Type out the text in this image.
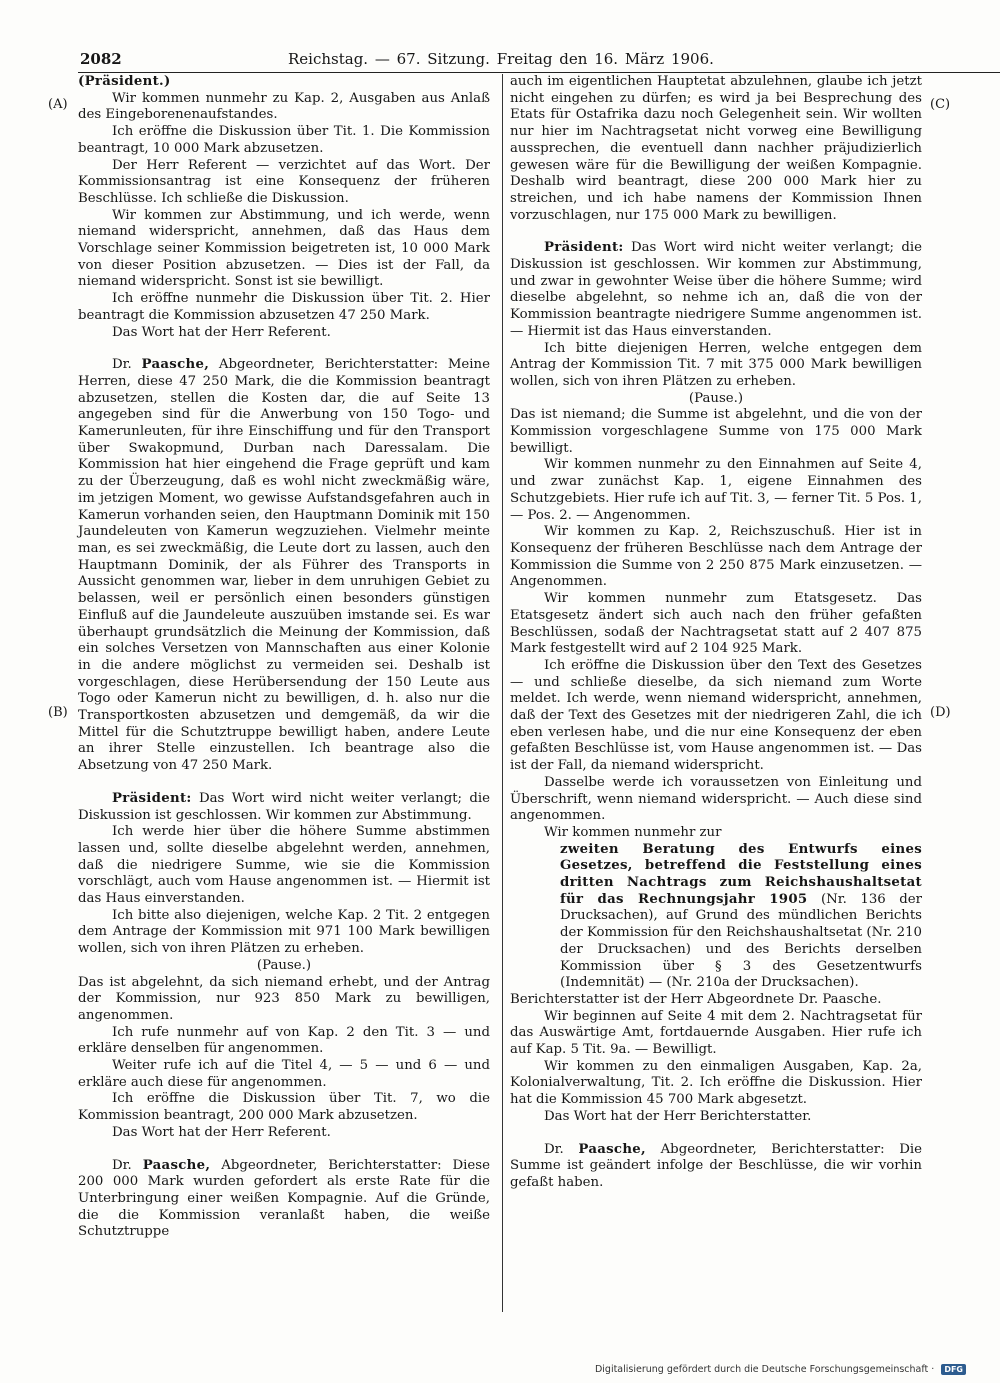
2082	Reichstag. — 67. Sitzung. Freitag den 16. März 1906.
(A)
(B)
(C)
(D)

(Präsident.)

Wir kommen nunmehr zu Kap. 2, Ausgaben aus Anlaß des Eingeborenenaufstandes.

Ich eröffne die Diskussion über Tit. 1. Die Kommission beantragt, 10 000 Mark abzusetzen.

Der Herr Referent — verzichtet auf das Wort. Der Kommissionsantrag ist eine Konsequenz der früheren Beschlüsse. Ich schließe die Diskussion.

Wir kommen zur Abstimmung, und ich werde, wenn niemand widerspricht, annehmen, daß das Haus dem Vorschlage seiner Kommission beigetreten ist, 10 000 Mark von dieser Position abzusetzen. — Dies ist der Fall, da niemand widerspricht. Sonst ist sie bewilligt.

Ich eröffne nunmehr die Diskussion über Tit. 2. Hier beantragt die Kommission abzusetzen 47 250 Mark.

Das Wort hat der Herr Referent.

Dr. Paasche, Abgeordneter, Berichterstatter: Meine Herren, diese 47 250 Mark, die die Kommission beantragt abzusetzen, stellen die Kosten dar, die auf Seite 13 angegeben sind für die Anwerbung von 150 Togo- und Kamerunleuten, für ihre Einschiffung und für den Transport über Swakopmund, Durban nach Daressalam. Die Kommission hat hier eingehend die Frage geprüft und kam zu der Überzeugung, daß es wohl nicht zweckmäßig wäre, im jetzigen Moment, wo gewisse Aufstandsgefahren auch in Kamerun vorhanden seien, den Hauptmann Dominik mit 150 Jaundeleuten von Kamerun wegzuziehen. Vielmehr meinte man, es sei zweckmäßig, die Leute dort zu lassen, auch den Hauptmann Dominik, der als Führer des Transports in Aussicht genommen war, lieber in dem unruhigen Gebiet zu belassen, weil er persönlich einen besonders günstigen Einfluß auf die Jaundeleute auszuüben imstande sei. Es war überhaupt grundsätzlich die Meinung der Kommission, daß ein solches Versetzen von Mannschaften aus einer Kolonie in die andere möglichst zu vermeiden sei. Deshalb ist vorgeschlagen, diese Herübersendung der 150 Leute aus Togo oder Kamerun nicht zu bewilligen, d. h. also nur die Transportkosten abzusetzen und demgemäß, da wir die Mittel für die Schutztruppe bewilligt haben, andere Leute an ihrer Stelle einzustellen. Ich beantrage also die Absetzung von 47 250 Mark.

Präsident: Das Wort wird nicht weiter verlangt; die Diskussion ist geschlossen. Wir kommen zur Abstimmung.

Ich werde hier über die höhere Summe abstimmen lassen und, sollte dieselbe abgelehnt werden, annehmen, daß die niedrigere Summe, wie sie die Kommission vorschlägt, auch vom Hause angenommen ist. — Hiermit ist das Haus einverstanden.

Ich bitte also diejenigen, welche Kap. 2 Tit. 2 entgegen dem Antrage der Kommission mit 971 100 Mark bewilligen wollen, sich von ihren Plätzen zu erheben.

(Pause.)

Das ist abgelehnt, da sich niemand erhebt, und der Antrag der Kommission, nur 923 850 Mark zu bewilligen, angenommen.

Ich rufe nunmehr auf von Kap. 2 den Tit. 3 — und erkläre denselben für angenommen.

Weiter rufe ich auf die Titel 4, — 5 — und 6 — und erkläre auch diese für angenommen.

Ich eröffne die Diskussion über Tit. 7, wo die Kommission beantragt, 200 000 Mark abzusetzen.

Das Wort hat der Herr Referent.

Dr. Paasche, Abgeordneter, Berichterstatter: Diese 200 000 Mark wurden gefordert als erste Rate für die Unterbringung einer weißen Kompagnie. Auf die Gründe, die die Kommission veranlaßt haben, die weiße Schutztruppe

auch im eigentlichen Hauptetat abzulehnen, glaube ich jetzt nicht eingehen zu dürfen; es wird ja bei Besprechung des Etats für Ostafrika dazu noch Gelegenheit sein. Wir wollten nur hier im Nachtragsetat nicht vorweg eine Bewilligung aussprechen, die eventuell dann nachher präjudizierlich gewesen wäre für die Bewilligung der weißen Kompagnie. Deshalb wird beantragt, diese 200 000 Mark hier zu streichen, und ich habe namens der Kommission Ihnen vorzuschlagen, nur 175 000 Mark zu bewilligen.

Präsident: Das Wort wird nicht weiter verlangt; die Diskussion ist geschlossen. Wir kommen zur Abstimmung, und zwar in gewohnter Weise über die höhere Summe; wird dieselbe abgelehnt, so nehme ich an, daß die von der Kommission beantragte niedrigere Summe angenommen ist. — Hiermit ist das Haus einverstanden.

Ich bitte diejenigen Herren, welche entgegen dem Antrag der Kommission Tit. 7 mit 375 000 Mark bewilligen wollen, sich von ihren Plätzen zu erheben.

(Pause.)

Das ist niemand; die Summe ist abgelehnt, und die von der Kommission vorgeschlagene Summe von 175 000 Mark bewilligt.

Wir kommen nunmehr zu den Einnahmen auf Seite 4, und zwar zunächst Kap. 1, eigene Einnahmen des Schutzgebiets. Hier rufe ich auf Tit. 3, — ferner Tit. 5 Pos. 1, — Pos. 2. — Angenommen.

Wir kommen zu Kap. 2, Reichszuschuß. Hier ist in Konsequenz der früheren Beschlüsse nach dem Antrage der Kommission die Summe von 2 250 875 Mark einzusetzen. — Angenommen.

Wir kommen nunmehr zum Etatsgesetz. Das Etatsgesetz ändert sich auch nach den früher gefaßten Beschlüssen, sodaß der Nachtragsetat statt auf 2 407 875 Mark festgestellt wird auf 2 104 925 Mark.

Ich eröffne die Diskussion über den Text des Gesetzes — und schließe dieselbe, da sich niemand zum Worte meldet. Ich werde, wenn niemand widerspricht, annehmen, daß der Text des Gesetzes mit der niedrigeren Zahl, die ich eben verlesen habe, und die nur eine Konsequenz der eben gefaßten Beschlüsse ist, vom Hause angenommen ist. — Das ist der Fall, da niemand widerspricht.

Dasselbe werde ich voraussetzen von Einleitung und Überschrift, wenn niemand widerspricht. — Auch diese sind angenommen.

Wir kommen nunmehr zur

zweiten Beratung des Entwurfs eines Gesetzes, betreffend die Feststellung eines dritten Nachtrags zum Reichshaushaltsetat für das Rechnungsjahr 1905 (Nr. 136 der Drucksachen), auf Grund des mündlichen Berichts der Kommission für den Reichshaushaltsetat (Nr. 210 der Drucksachen) und des Berichts derselben Kommission über § 3 des Gesetzentwurfs (Indemnität) — (Nr. 210a der Drucksachen).

Berichterstatter ist der Herr Abgeordnete Dr. Paasche.

Wir beginnen auf Seite 4 mit dem 2. Nachtragsetat für das Auswärtige Amt, fortdauernde Ausgaben. Hier rufe ich auf Kap. 5 Tit. 9a. — Bewilligt.

Wir kommen zu den einmaligen Ausgaben, Kap. 2a, Kolonialverwaltung, Tit. 2. Ich eröffne die Diskussion. Hier hat die Kommission 45 700 Mark abgesetzt.

Das Wort hat der Herr Berichterstatter.

Dr. Paasche, Abgeordneter, Berichterstatter: Die Summe ist geändert infolge der Beschlüsse, die wir vorhin gefaßt haben.

Digitalisierung gefördert durch die Deutsche Forschungsgemeinschaft · DFG
